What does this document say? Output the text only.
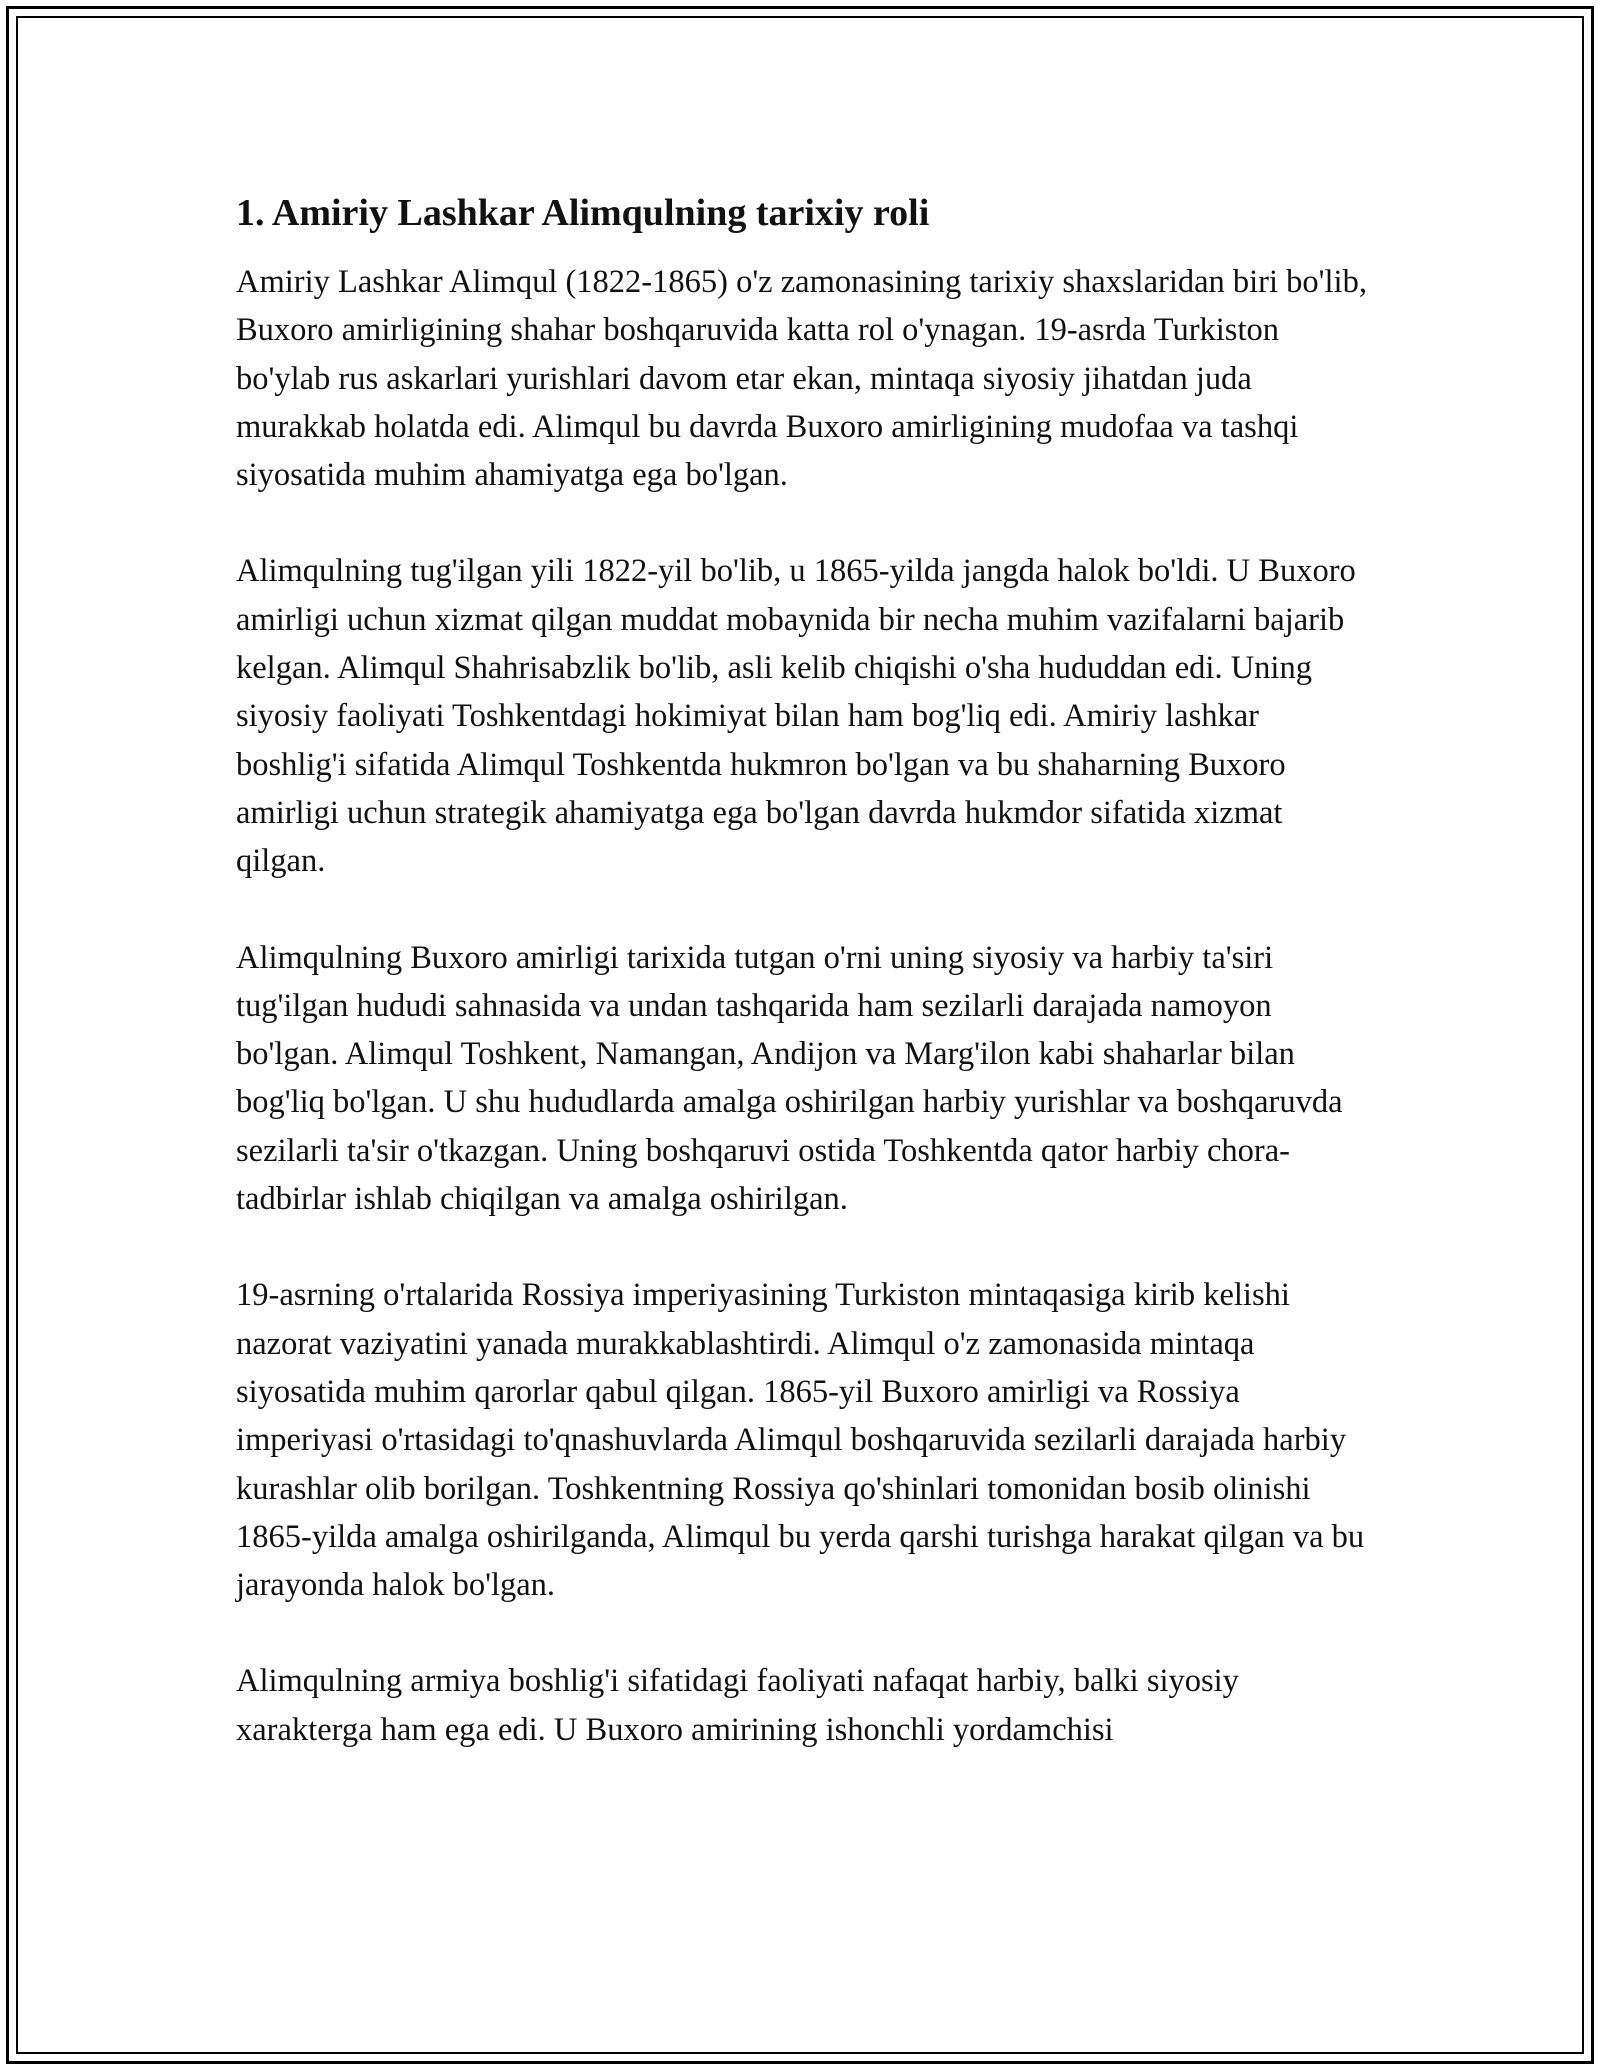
1. Amiriy Lashkar Alimqulning tarixiy roli

Amiriy Lashkar Alimqul (1822-1865) o'z zamonasining tarixiy shaxslaridan biri bo'lib, Buxoro amirligining shahar boshqaruvida katta rol o'ynagan. 19-asrda Turkiston bo'ylab rus askarlari yurishlari davom etar ekan, mintaqa siyosiy jihatdan juda murakkab holatda edi. Alimqul bu davrda Buxoro amirligining mudofaa va tashqi siyosatida muhim ahamiyatga ega bo'lgan.

Alimqulning tug'ilgan yili 1822-yil bo'lib, u 1865-yilda jangda halok bo'ldi. U Buxoro amirligi uchun xizmat qilgan muddat mobaynida bir necha muhim vazifalarni bajarib kelgan. Alimqul Shahrisabzlik bo'lib, asli kelib chiqishi o'sha hududdan edi. Uning siyosiy faoliyati Toshkentdagi hokimiyat bilan ham bog'liq edi. Amiriy lashkar boshlig'i sifatida Alimqul Toshkentda hukmron bo'lgan va bu shaharning Buxoro amirligi uchun strategik ahamiyatga ega bo'lgan davrda hukmdor sifatida xizmat qilgan.

Alimqulning Buxoro amirligi tarixida tutgan o'rni uning siyosiy va harbiy ta'siri tug'ilgan hududi sahnasida va undan tashqarida ham sezilarli darajada namoyon bo'lgan. Alimqul Toshkent, Namangan, Andijon va Marg'ilon kabi shaharlar bilan bog'liq bo'lgan. U shu hududlarda amalga oshirilgan harbiy yurishlar va boshqaruvda sezilarli ta'sir o'tkazgan. Uning boshqaruvi ostida Toshkentda qator harbiy chora-tadbirlar ishlab chiqilgan va amalga oshirilgan.

19-asrning o'rtalarida Rossiya imperiyasining Turkiston mintaqasiga kirib kelishi nazorat vaziyatini yanada murakkablashtirdi. Alimqul o'z zamonasida mintaqa siyosatida muhim qarorlar qabul qilgan. 1865-yil Buxoro amirligi va Rossiya imperiyasi o'rtasidagi to'qnashuvlarda Alimqul boshqaruvida sezilarli darajada harbiy kurashlar olib borilgan. Toshkentning Rossiya qo'shinlari tomonidan bosib olinishi 1865-yilda amalga oshirilganda, Alimqul bu yerda qarshi turishga harakat qilgan va bu jarayonda halok bo'lgan.

Alimqulning armiya boshlig'i sifatidagi faoliyati nafaqat harbiy, balki siyosiy xarakterga ham ega edi. U Buxoro amirining ishonchli yordamchisi
